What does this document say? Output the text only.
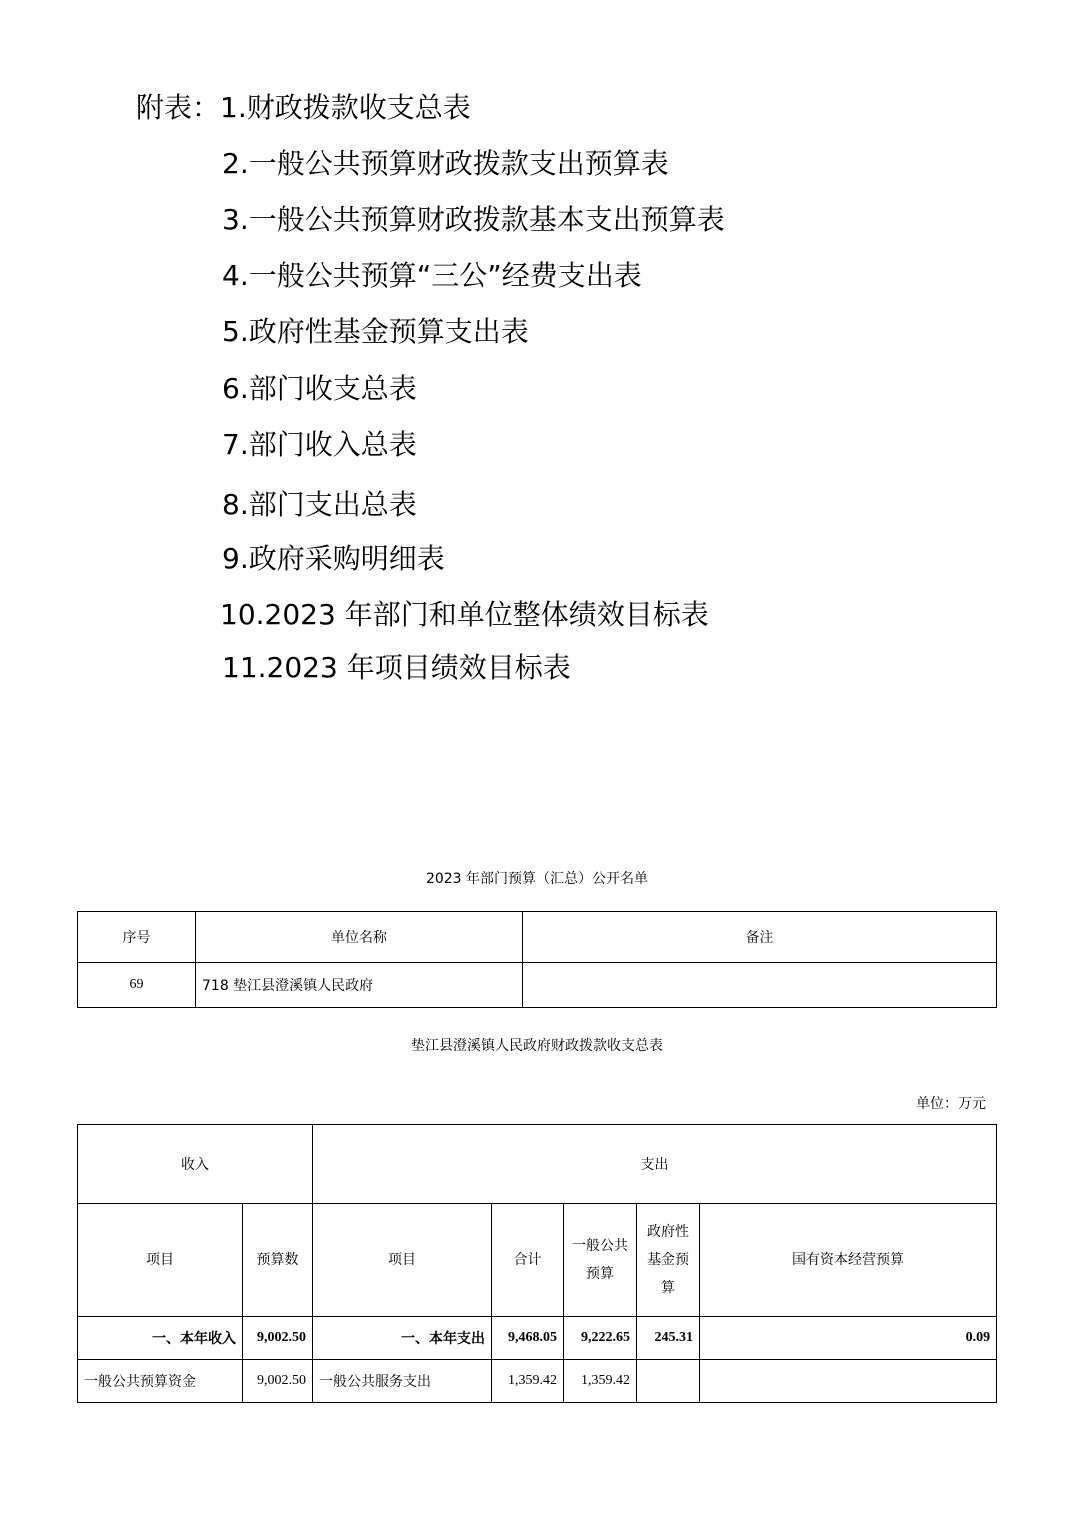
附表：1.财政拨款收支总表
2.一般公共预算财政拨款支出预算表
3.一般公共预算财政拨款基本支出预算表
4.一般公共预算“三公”经费支出表
5.政府性基金预算支出表
6.部门收支总表
7.部门收入总表
8.部门支出总表
9.政府采购明细表
10.2023 年部门和单位整体绩效目标表
11.2023 年项目绩效目标表
2023 年部门预算（汇总）公开名单
序号	单位名称	备注
69	718 垫江县澄溪镇人民政府	
垫江县澄溪镇人民政府财政拨款收支总表
单位：万元
收入		支出				
项目	预算数	项目	合计	一般公共预算	政府性基金预算	国有资本经营预算
一、本年收入	9,002.50	一、本年支出	9,468.05	9,222.65	245.31	0.09
一般公共预算资金	9,002.50	一般公共服务支出	1,359.42	1,359.42		
